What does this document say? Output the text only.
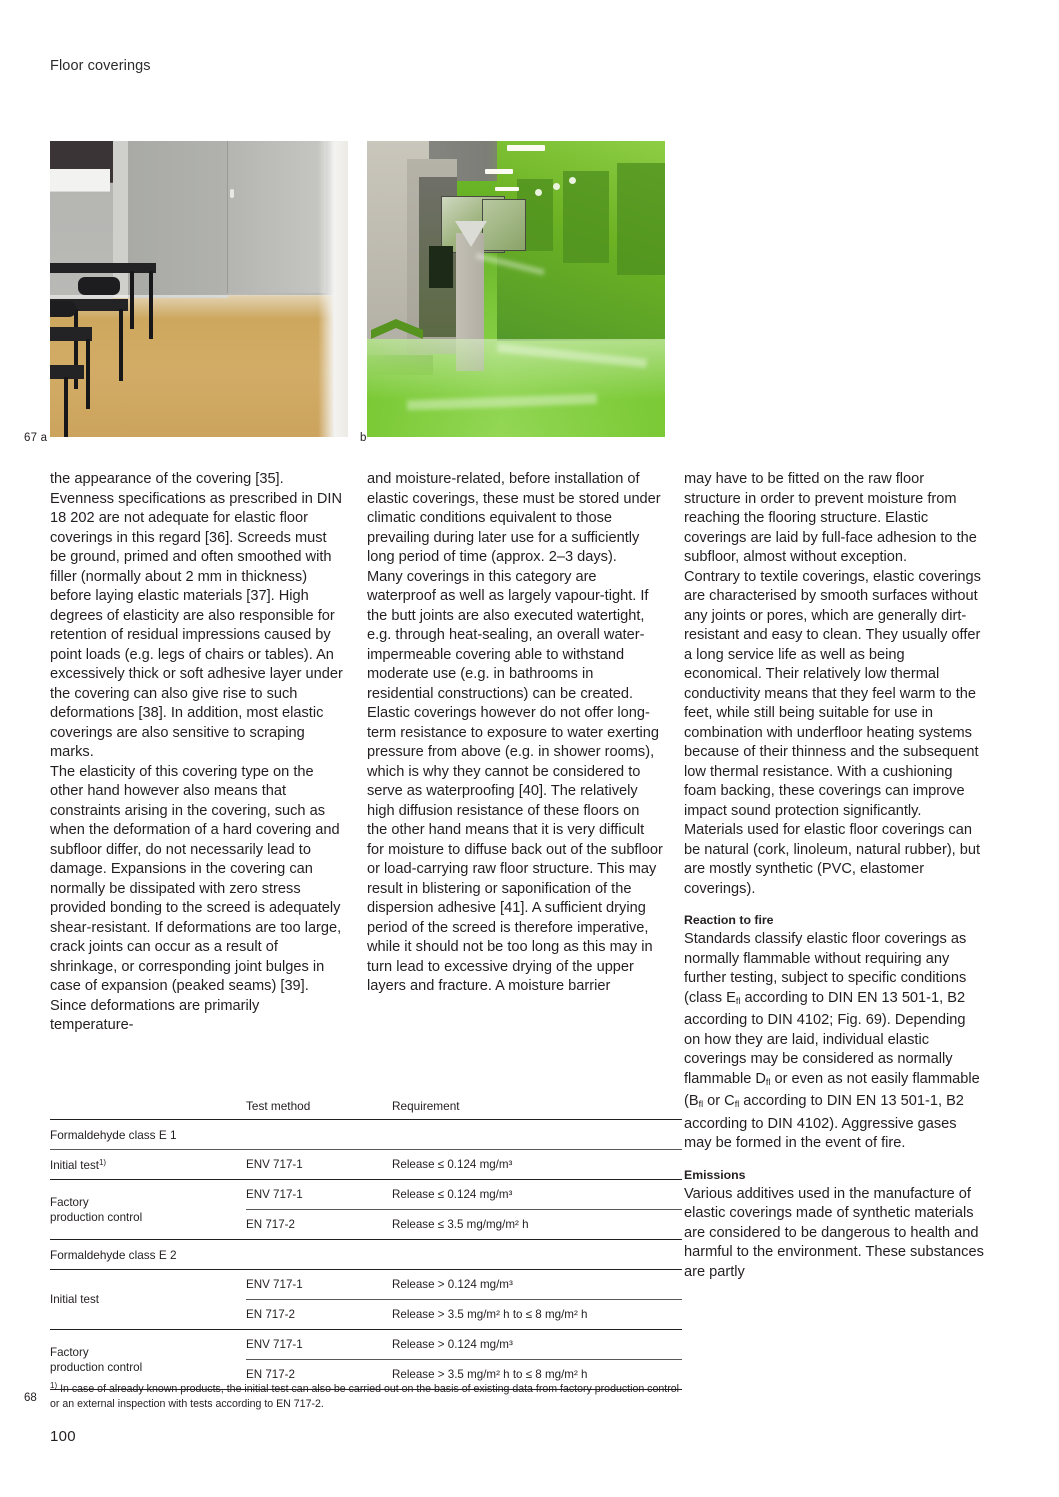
Floor coverings
67 a	b

the appearance of the covering [35]. Evenness specifications as prescribed in DIN 18 202 are not adequate for elastic floor coverings in this regard [36]. Screeds must be ground, primed and often smoothed with filler (normally about 2 mm in thickness) before laying elastic materials [37]. High degrees of elasticity are also responsible for retention of residual impressions caused by point loads (e.g. legs of chairs or tables). An excessively thick or soft adhesive layer under the covering can also give rise to such deformations [38]. In addition, most elastic coverings are also sensitive to scraping marks.

The elasticity of this covering type on the other hand however also means that constraints arising in the covering, such as when the deformation of a hard covering and subfloor differ, do not necessarily lead to damage. Expansions in the covering can normally be dissipated with zero stress provided bonding to the screed is adequately shear-resistant. If deformations are too large, crack joints can occur as a result of shrinkage, or corresponding joint bulges in case of expansion (peaked seams) [39]. Since deformations are primarily temperature-

and moisture-related, before installation of elastic coverings, these must be stored under climatic conditions equivalent to those prevailing during later use for a sufficiently long period of time (approx. 2–3 days).

Many coverings in this category are waterproof as well as largely vapour-tight. If the butt joints are also executed watertight, e.g. through heat-sealing, an overall water-impermeable covering able to withstand moderate use (e.g. in bathrooms in residential constructions) can be created. Elastic coverings however do not offer long-term resistance to exposure to water exerting pressure from above (e.g. in shower rooms), which is why they cannot be considered to serve as waterproofing [40]. The relatively high diffusion resistance of these floors on the other hand means that it is very difficult for moisture to diffuse back out of the subfloor or load-carrying raw floor structure. This may result in blistering or saponification of the dispersion adhesive [41]. A sufficient drying period of the screed is therefore imperative, while it should not be too long as this may in turn lead to excessive drying of the upper layers and fracture. A moisture barrier

may have to be fitted on the raw floor structure in order to prevent moisture from reaching the flooring structure. Elastic coverings are laid by full-face adhesion to the subfloor, almost without exception.

Contrary to textile coverings, elastic coverings are characterised by smooth surfaces without any joints or pores, which are generally dirt-resistant and easy to clean. They usually offer a long service life as well as being economical. Their relatively low thermal conductivity means that they feel warm to the feet, while still being suitable for use in combination with underfloor heating systems because of their thinness and the subsequent low thermal resistance. With a cushioning foam backing, these coverings can improve impact sound protection significantly.

Materials used for elastic floor coverings can be natural (cork, linoleum, natural rubber), but are mostly synthetic (PVC, elastomer coverings).

Reaction to fire

Standards classify elastic floor coverings as normally flammable without requiring any further testing, subject to specific conditions (class $E_{fl}$ according to DIN EN 13 501-1, B2 according to DIN 4102; Fig. 69). Depending on how they are laid, individual elastic coverings may be considered as normally flammable $D_{fl}$ or even as not easily flammable ($B_{fl}$ or $C_{fl}$ according to DIN EN 13 501-1, B2 according to DIN 4102). Aggressive gases may be formed in the event of fire.

Emissions

Various additives used in the manufacture of elastic coverings made of synthetic materials are considered to be dangerous to health and harmful to the environment. These substances are partly

	Test method	Requirement
Formaldehyde class E 1		
Initial test$^{1)}$	ENV 717-1	Release ≤ 0.124 mg/m³
Factory
production control	ENV 717-1	Release ≤ 0.124 mg/m³
	EN 717-2	Release ≤ 3.5 mg/mg/m² h
Formaldehyde class E 2		
Initial test	ENV 717-1	Release > 0.124 mg/m³
	EN 717-2	Release > 3.5 mg/m² h to ≤ 8 mg/m² h
Factory
production control	ENV 717-1	Release > 0.124 mg/m³
	EN 717-2	Release > 3.5 mg/m² h to ≤ 8 mg/m² h

68
$^{1)}$ In case of already known products, the initial test can also be carried out on the basis of existing data from factory production control or an external inspection with tests according to EN 717-2.
100
